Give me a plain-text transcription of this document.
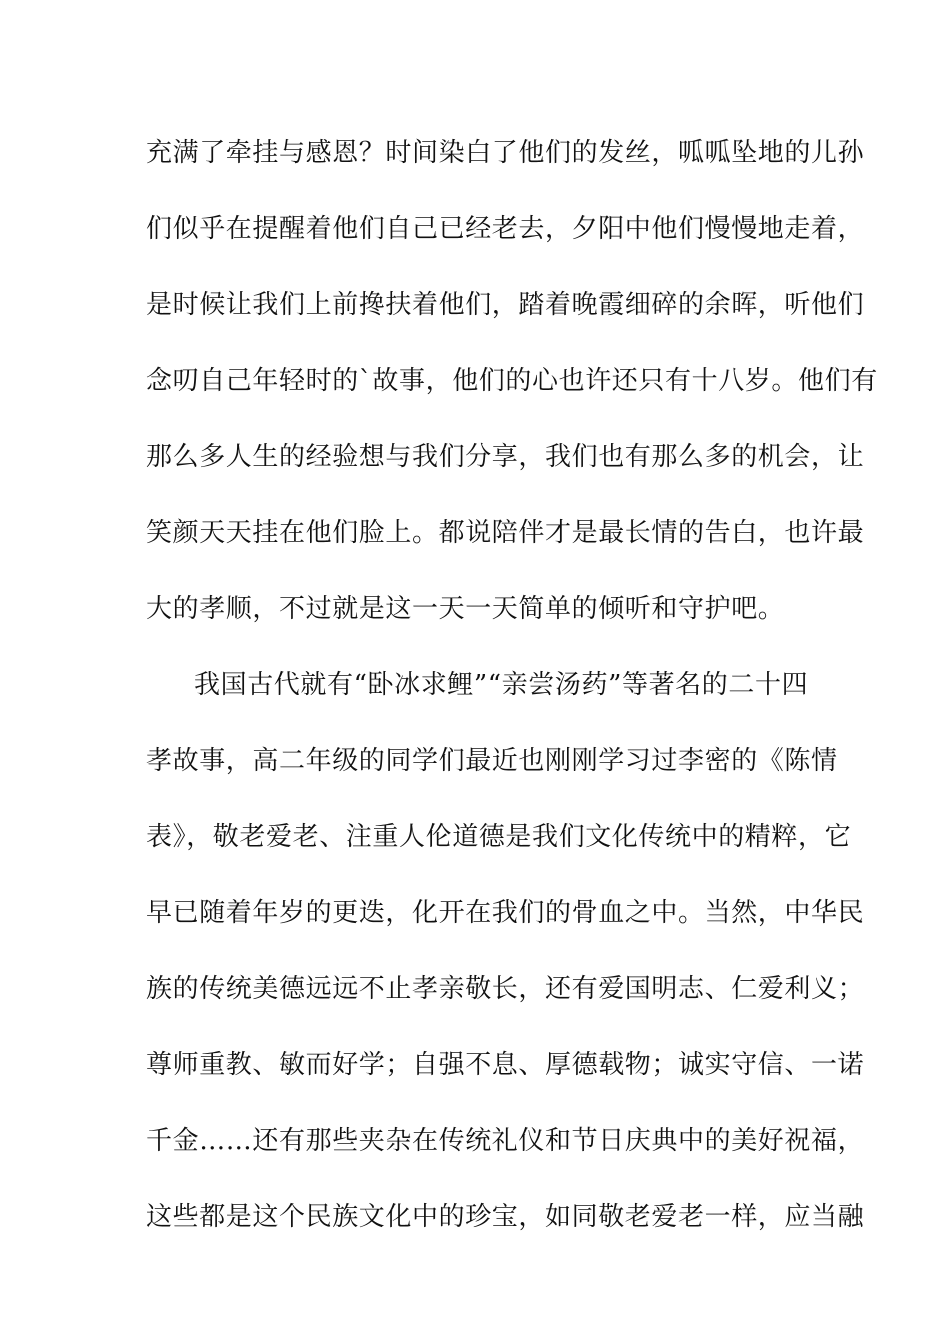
充满了牵挂与感恩？时间染白了他们的发丝，呱呱坠地的儿孙
们似乎在提醒着他们自己已经老去，夕阳中他们慢慢地走着，
是时候让我们上前搀扶着他们，踏着晚霞细碎的余晖，听他们
念叨自己年轻时的`故事，他们的心也许还只有十八岁。他们有
那么多人生的经验想与我们分享，我们也有那么多的机会，让
笑颜天天挂在他们脸上。都说陪伴才是最长情的告白，也许最
大的孝顺，不过就是这一天一天简单的倾听和守护吧。
我国古代就有“卧冰求鲤”“亲尝汤药”等著名的二十四
孝故事，高二年级的同学们最近也刚刚学习过李密的《陈情
表》，敬老爱老、注重人伦道德是我们文化传统中的精粹，它
早已随着年岁的更迭，化开在我们的骨血之中。当然，中华民
族的传统美德远远不止孝亲敬长，还有爱国明志、仁爱利义；
尊师重教、敏而好学；自强不息、厚德载物；诚实守信、一诺
千金……还有那些夹杂在传统礼仪和节日庆典中的美好祝福，
这些都是这个民族文化中的珍宝，如同敬老爱老一样，应当融
